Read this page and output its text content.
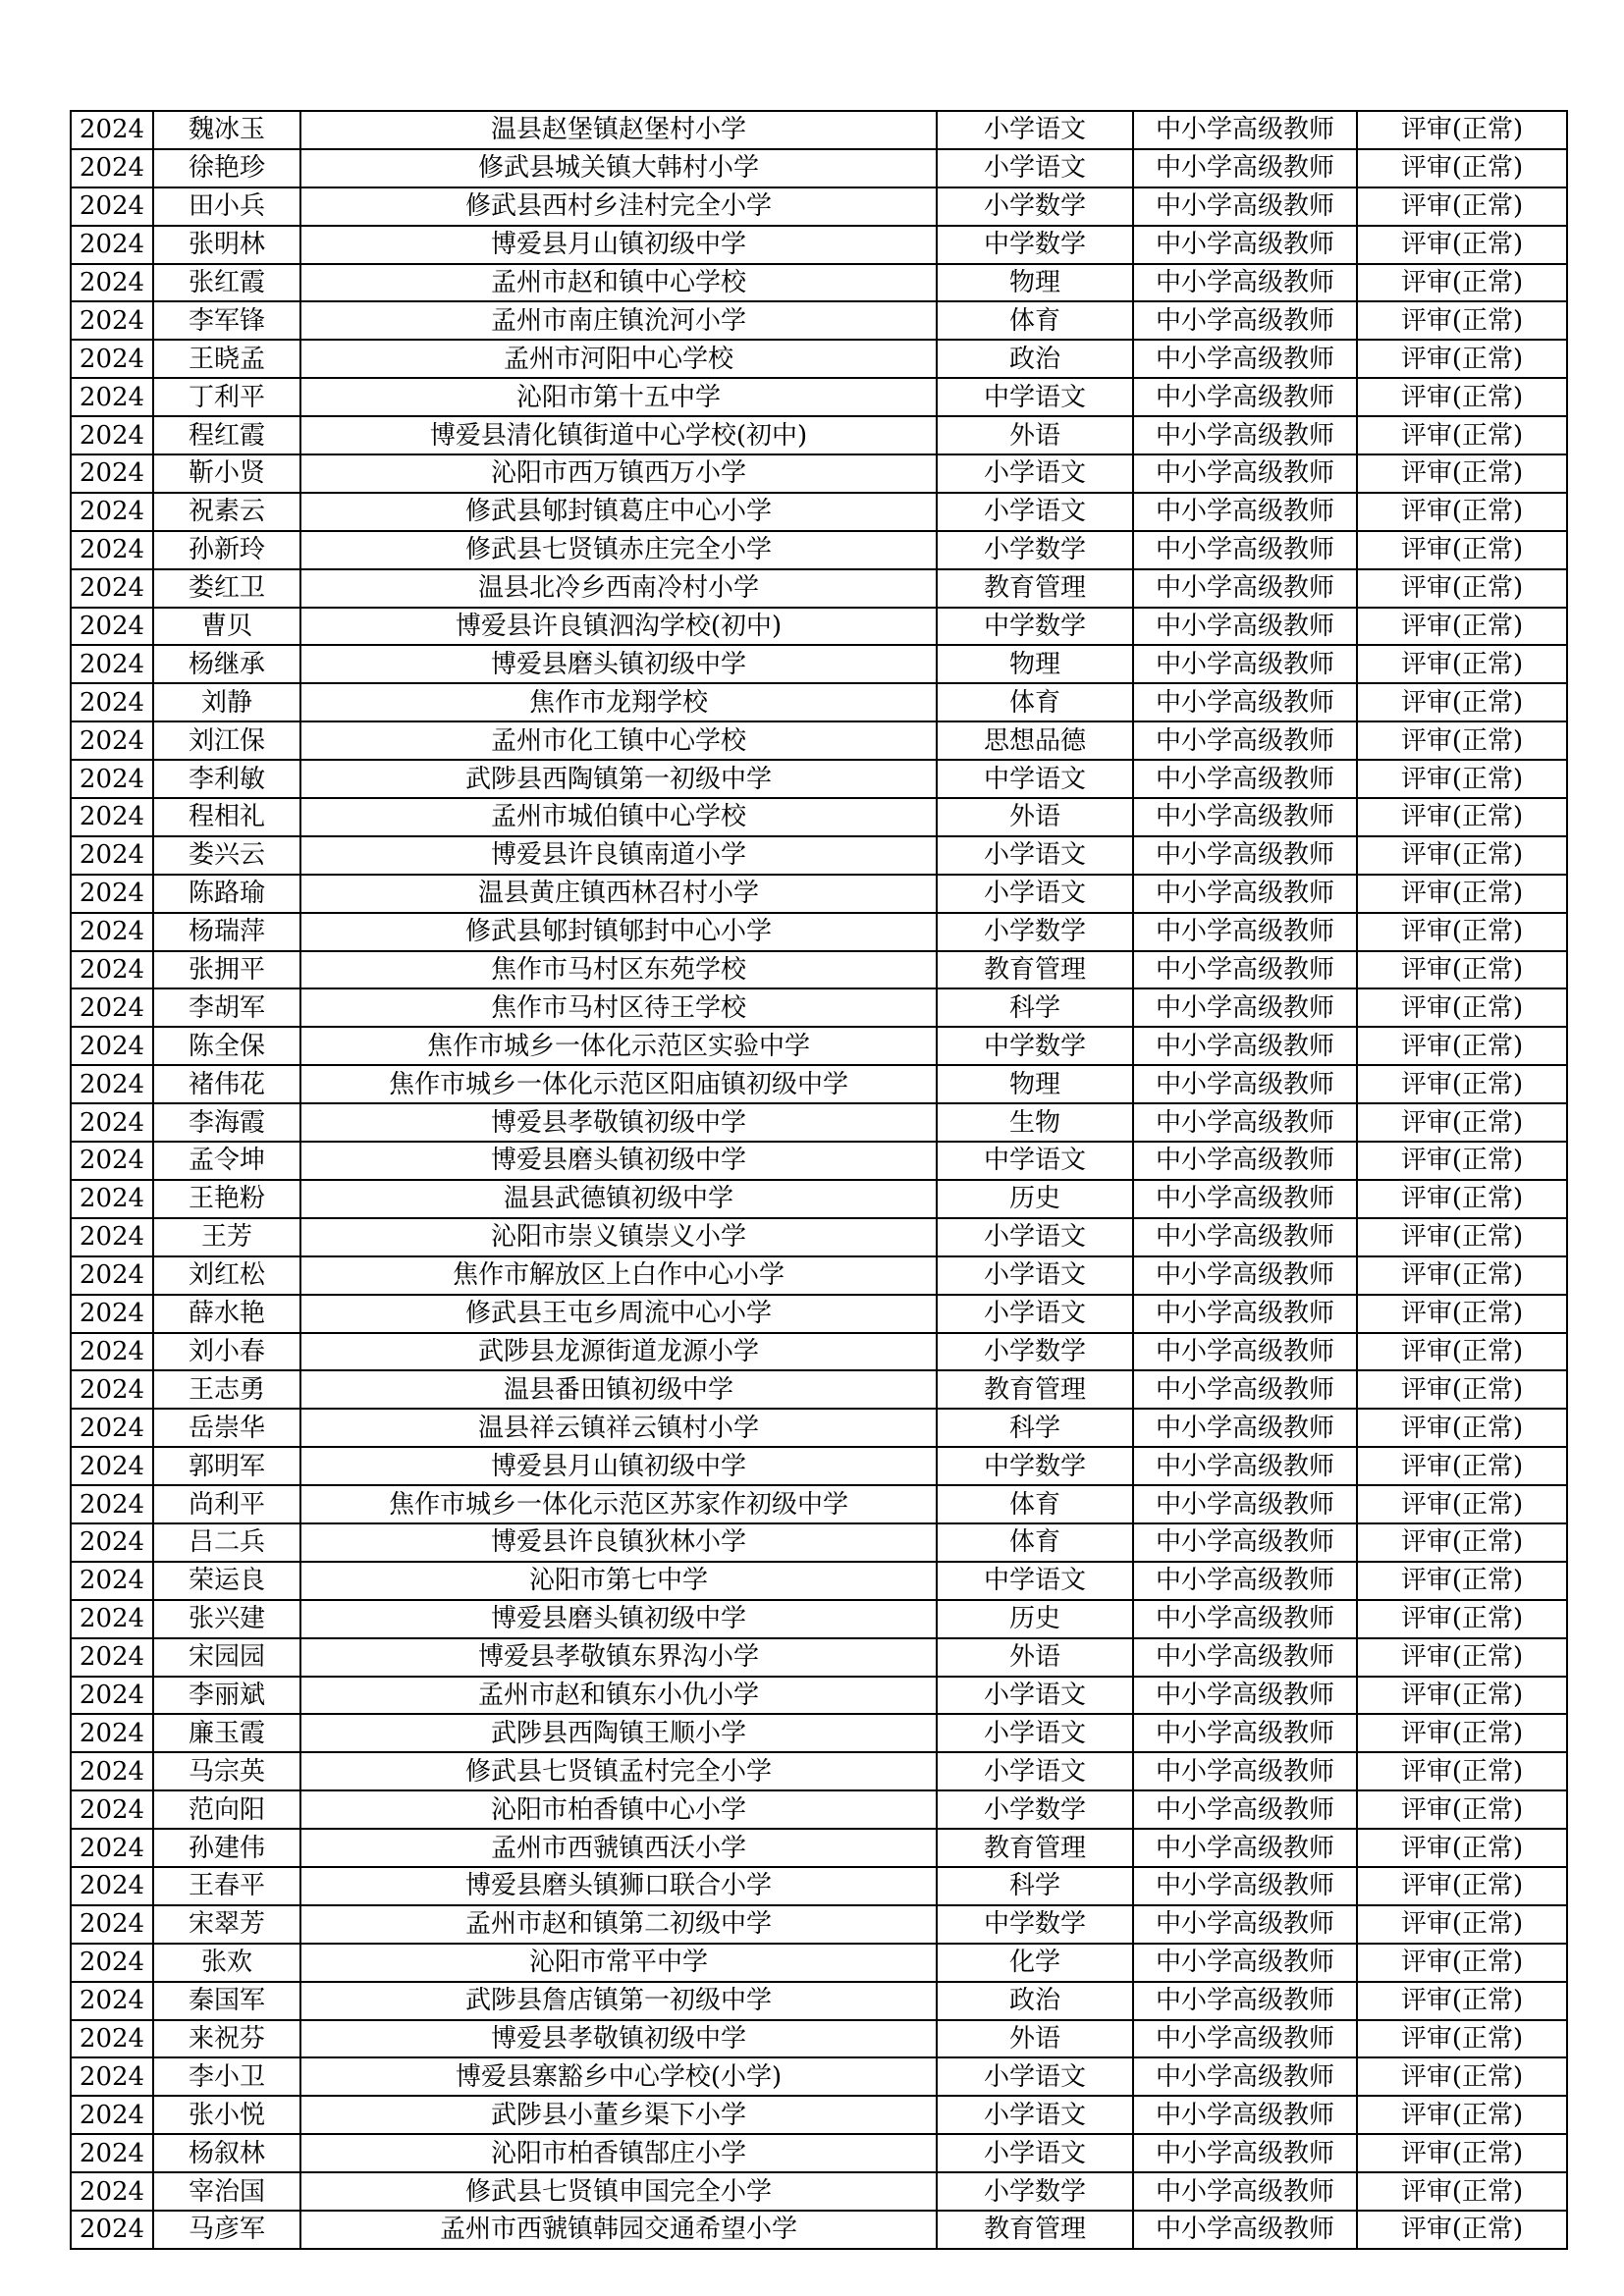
2024	魏冰玉	温县赵堡镇赵堡村小学	小学语文	中小学高级教师	评审(正常)
2024	徐艳珍	修武县城关镇大韩村小学	小学语文	中小学高级教师	评审(正常)
2024	田小兵	修武县西村乡洼村完全小学	小学数学	中小学高级教师	评审(正常)
2024	张明林	博爱县月山镇初级中学	中学数学	中小学高级教师	评审(正常)
2024	张红霞	孟州市赵和镇中心学校	物理	中小学高级教师	评审(正常)
2024	李军锋	孟州市南庄镇沇河小学	体育	中小学高级教师	评审(正常)
2024	王晓孟	孟州市河阳中心学校	政治	中小学高级教师	评审(正常)
2024	丁利平	沁阳市第十五中学	中学语文	中小学高级教师	评审(正常)
2024	程红霞	博爱县清化镇街道中心学校(初中)	外语	中小学高级教师	评审(正常)
2024	靳小贤	沁阳市西万镇西万小学	小学语文	中小学高级教师	评审(正常)
2024	祝素云	修武县郇封镇葛庄中心小学	小学语文	中小学高级教师	评审(正常)
2024	孙新玲	修武县七贤镇赤庄完全小学	小学数学	中小学高级教师	评审(正常)
2024	娄红卫	温县北冷乡西南冷村小学	教育管理	中小学高级教师	评审(正常)
2024	曹贝	博爱县许良镇泗沟学校(初中)	中学数学	中小学高级教师	评审(正常)
2024	杨继承	博爱县磨头镇初级中学	物理	中小学高级教师	评审(正常)
2024	刘静	焦作市龙翔学校	体育	中小学高级教师	评审(正常)
2024	刘江保	孟州市化工镇中心学校	思想品德	中小学高级教师	评审(正常)
2024	李利敏	武陟县西陶镇第一初级中学	中学语文	中小学高级教师	评审(正常)
2024	程相礼	孟州市城伯镇中心学校	外语	中小学高级教师	评审(正常)
2024	娄兴云	博爱县许良镇南道小学	小学语文	中小学高级教师	评审(正常)
2024	陈路瑜	温县黄庄镇西林召村小学	小学语文	中小学高级教师	评审(正常)
2024	杨瑞萍	修武县郇封镇郇封中心小学	小学数学	中小学高级教师	评审(正常)
2024	张拥平	焦作市马村区东苑学校	教育管理	中小学高级教师	评审(正常)
2024	李胡军	焦作市马村区待王学校	科学	中小学高级教师	评审(正常)
2024	陈全保	焦作市城乡一体化示范区实验中学	中学数学	中小学高级教师	评审(正常)
2024	褚伟花	焦作市城乡一体化示范区阳庙镇初级中学	物理	中小学高级教师	评审(正常)
2024	李海霞	博爱县孝敬镇初级中学	生物	中小学高级教师	评审(正常)
2024	孟令坤	博爱县磨头镇初级中学	中学语文	中小学高级教师	评审(正常)
2024	王艳粉	温县武德镇初级中学	历史	中小学高级教师	评审(正常)
2024	王芳	沁阳市崇义镇崇义小学	小学语文	中小学高级教师	评审(正常)
2024	刘红松	焦作市解放区上白作中心小学	小学语文	中小学高级教师	评审(正常)
2024	薛水艳	修武县王屯乡周流中心小学	小学语文	中小学高级教师	评审(正常)
2024	刘小春	武陟县龙源街道龙源小学	小学数学	中小学高级教师	评审(正常)
2024	王志勇	温县番田镇初级中学	教育管理	中小学高级教师	评审(正常)
2024	岳崇华	温县祥云镇祥云镇村小学	科学	中小学高级教师	评审(正常)
2024	郭明军	博爱县月山镇初级中学	中学数学	中小学高级教师	评审(正常)
2024	尚利平	焦作市城乡一体化示范区苏家作初级中学	体育	中小学高级教师	评审(正常)
2024	吕二兵	博爱县许良镇狄林小学	体育	中小学高级教师	评审(正常)
2024	荣运良	沁阳市第七中学	中学语文	中小学高级教师	评审(正常)
2024	张兴建	博爱县磨头镇初级中学	历史	中小学高级教师	评审(正常)
2024	宋园园	博爱县孝敬镇东界沟小学	外语	中小学高级教师	评审(正常)
2024	李丽斌	孟州市赵和镇东小仇小学	小学语文	中小学高级教师	评审(正常)
2024	廉玉霞	武陟县西陶镇王顺小学	小学语文	中小学高级教师	评审(正常)
2024	马宗英	修武县七贤镇孟村完全小学	小学语文	中小学高级教师	评审(正常)
2024	范向阳	沁阳市柏香镇中心小学	小学数学	中小学高级教师	评审(正常)
2024	孙建伟	孟州市西虢镇西沃小学	教育管理	中小学高级教师	评审(正常)
2024	王春平	博爱县磨头镇狮口联合小学	科学	中小学高级教师	评审(正常)
2024	宋翠芳	孟州市赵和镇第二初级中学	中学数学	中小学高级教师	评审(正常)
2024	张欢	沁阳市常平中学	化学	中小学高级教师	评审(正常)
2024	秦国军	武陟县詹店镇第一初级中学	政治	中小学高级教师	评审(正常)
2024	来祝芬	博爱县孝敬镇初级中学	外语	中小学高级教师	评审(正常)
2024	李小卫	博爱县寨豁乡中心学校(小学)	小学语文	中小学高级教师	评审(正常)
2024	张小悦	武陟县小董乡渠下小学	小学语文	中小学高级教师	评审(正常)
2024	杨叙林	沁阳市柏香镇郜庄小学	小学语文	中小学高级教师	评审(正常)
2024	宰治国	修武县七贤镇申国完全小学	小学数学	中小学高级教师	评审(正常)
2024	马彦军	孟州市西虢镇韩园交通希望小学	教育管理	中小学高级教师	评审(正常)
